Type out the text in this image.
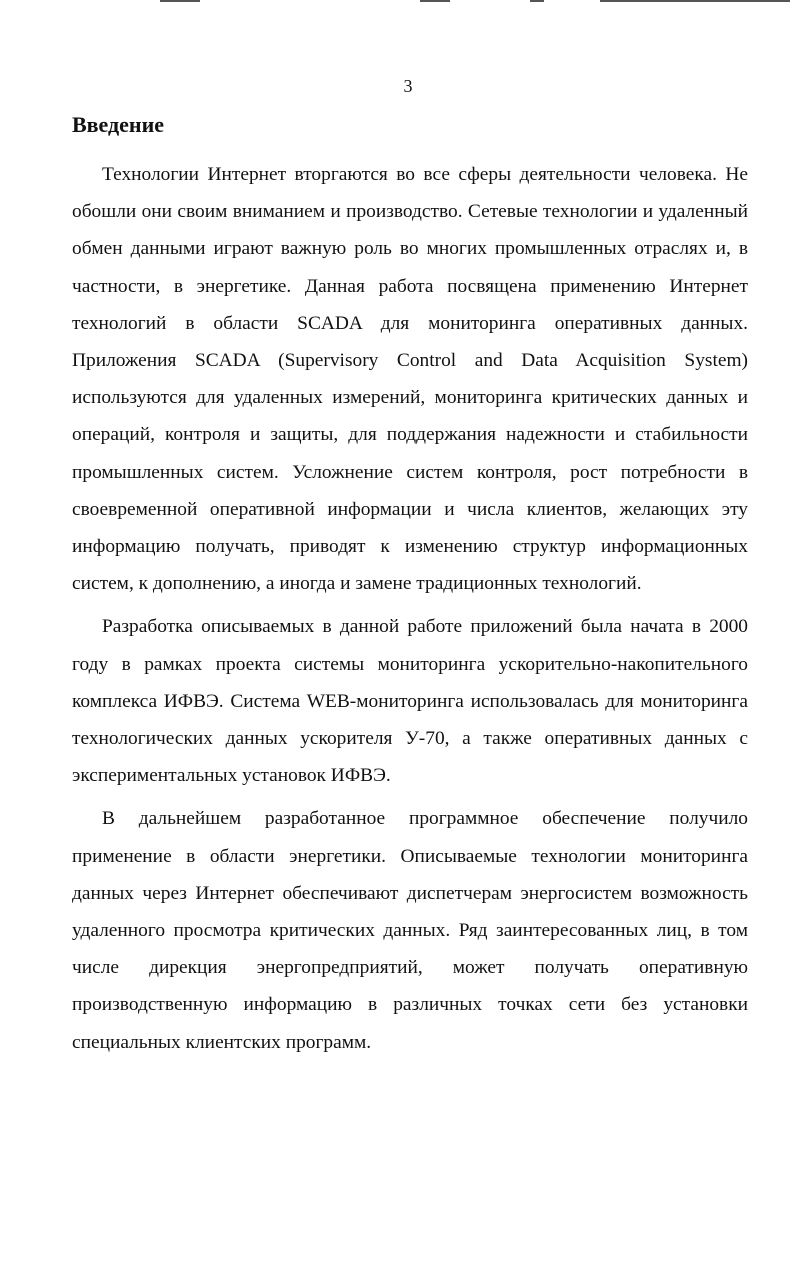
3
Введение

Технологии Интернет вторгаются во все сферы деятельности человека. Не обошли они своим вниманием и производство. Сетевые технологии и удаленный обмен данными играют важную роль во многих промышленных отраслях и, в частности, в энергетике. Данная работа посвящена применению Интернет технологий в области SCADA для мониторинга оперативных данных. Приложения SCADA (Supervisory Control and Data Acquisition System) используются для удаленных измерений, мониторинга критических данных и операций, контроля и защиты, для поддержания надежности и стабильности промышленных систем. Усложнение систем контроля, рост потребности в своевременной оперативной информации и числа клиентов, желающих эту информацию получать, приводят к изменению структур информационных систем, к дополнению, а иногда и замене традиционных технологий.

Разработка описываемых в данной работе приложений была начата в 2000 году в рамках проекта системы мониторинга ускорительно-накопительного комплекса ИФВЭ. Система WEB-мониторинга использовалась для мониторинга технологических данных ускорителя У-70, а также оперативных данных с экспериментальных установок ИФВЭ.

В дальнейшем разработанное программное обеспечение получило применение в области энергетики. Описываемые технологии мониторинга данных через Интернет обеспечивают диспетчерам энергосистем возможность удаленного просмотра критических данных. Ряд заинтересованных лиц, в том числе дирекция энергопредприятий, может получать оперативную производственную информацию в различных точках сети без установки специальных клиентских программ.
